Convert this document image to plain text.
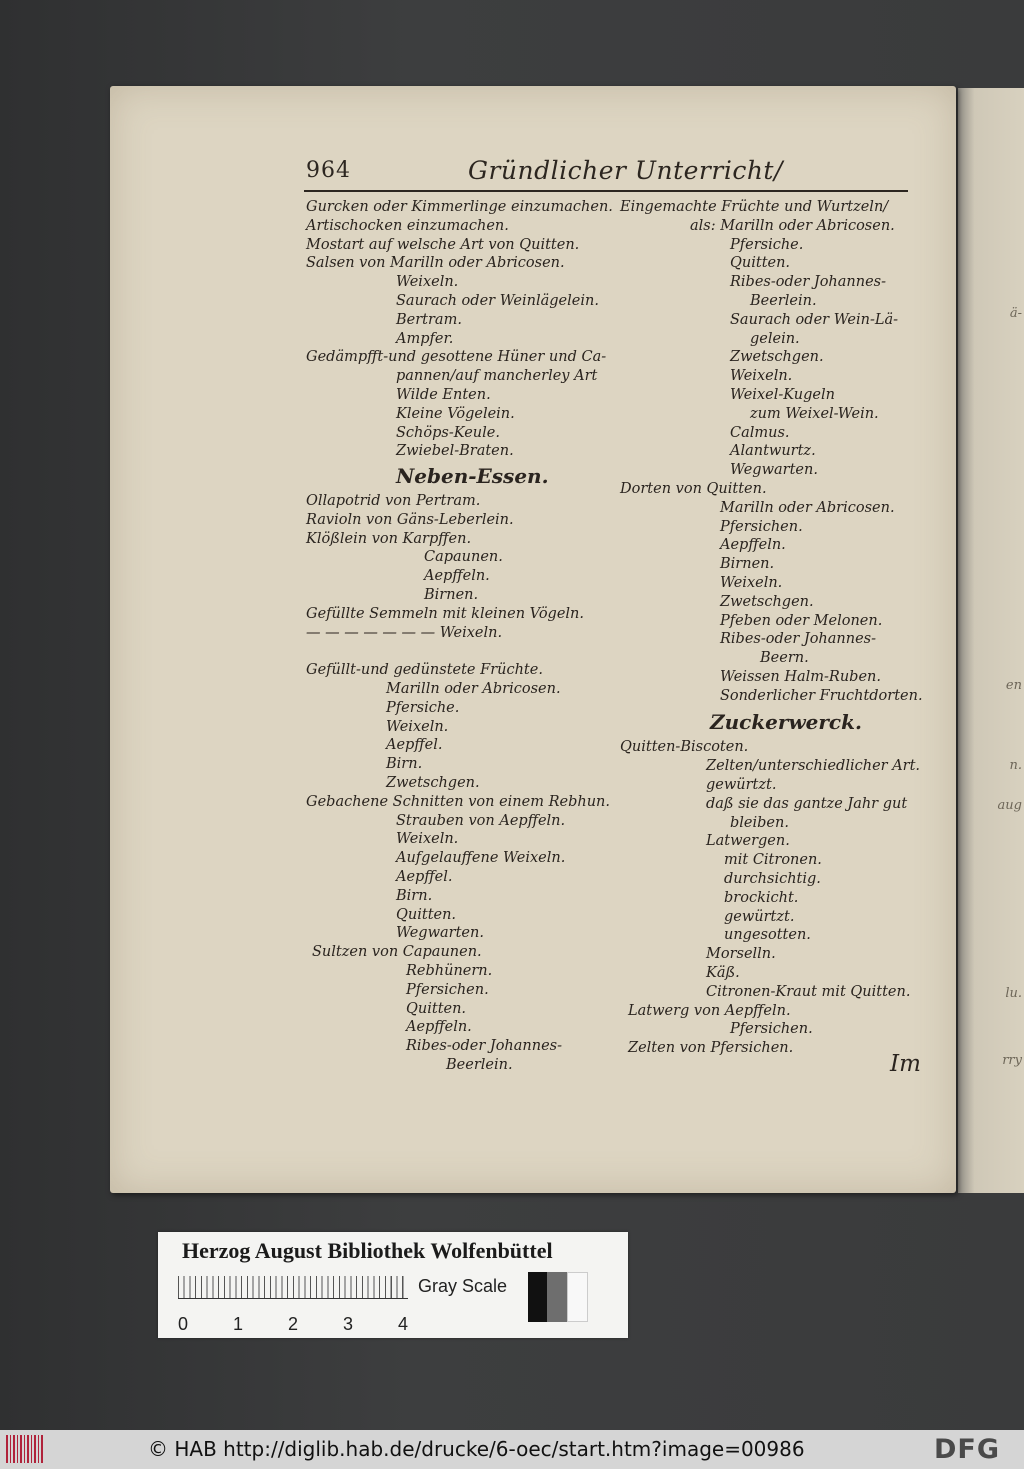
ä-
en
n.
aug
lu.
rry
964	Gründlicher Unterricht/
Gurcken oder Kimmerlinge einzumachen.
Artischocken einzumachen.
Mostart auf welsche Art von Quitten.
Salsen von Marilln oder Abricosen.
Weixeln.
Saurach oder Weinlägelein.
Bertram.
Ampfer.
Gedämpfft-und gesottene Hüner und Ca-
pannen/auf mancherley Art
Wilde Enten.
Kleine Vögelein.
Schöps-Keule.
Zwiebel-Braten.
Neben-Essen.
Ollapotrid von Pertram.
Ravioln von Gäns-Leberlein.
Klößlein von Karpffen.
Capaunen.
Aepffeln.
Birnen.
Gefüllte Semmeln mit kleinen Vögeln.
— — — — — — — Weixeln.
Gefüllt-und gedünstete Früchte.
Marilln oder Abricosen.
Pfersiche.
Weixeln.
Aepffel.
Birn.
Zwetschgen.
Gebachene Schnitten von einem Rebhun.
Strauben von Aepffeln.
Weixeln.
Aufgelauffene Weixeln.
Aepffel.
Birn.
Quitten.
Wegwarten.
Sultzen von Capaunen.
Rebhünern.
Pfersichen.
Quitten.
Aepffeln.
Ribes-oder Johannes-
Beerlein.
Eingemachte Früchte und Wurtzeln/
als: Marilln oder Abricosen.
Pfersiche.
Quitten.
Ribes-oder Johannes-
Beerlein.
Saurach oder Wein-Lä-
gelein.
Zwetschgen.
Weixeln.
Weixel-Kugeln
zum Weixel-Wein.
Calmus.
Alantwurtz.
Wegwarten.
Dorten von Quitten.
Marilln oder Abricosen.
Pfersichen.
Aepffeln.
Birnen.
Weixeln.
Zwetschgen.
Pfeben oder Melonen.
Ribes-oder Johannes-
Beern.
Weissen Halm-Ruben.
Sonderlicher Fruchtdorten.
Zuckerwerck.
Quitten-Biscoten.
Zelten/unterschiedlicher Art.
gewürtzt.
daß sie das gantze Jahr gut
bleiben.
Latwergen.
mit Citronen.
durchsichtig.
brockicht.
gewürtzt.
ungesotten.
Morselln.
Käß.
Citronen-Kraut mit Quitten.
Latwerg von Aepffeln.
Pfersichen.
Zelten von Pfersichen.
Im
Herzog August Bibliothek Wolfenbüttel
0 1 2 3 4
Gray Scale
© HAB http://diglib.hab.de/drucke/6-oec/start.htm?image=00986	DFG
